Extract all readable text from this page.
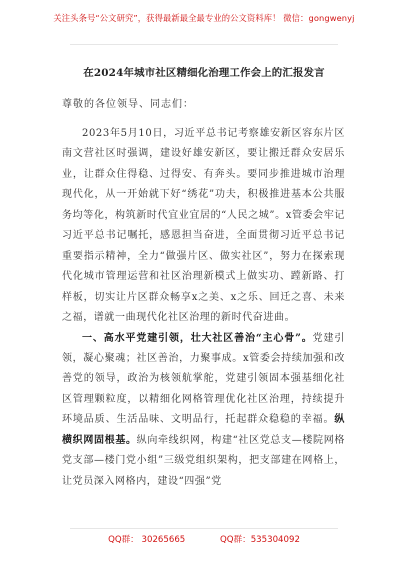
关注头条号“公文研究”，获得最新最全最专业的公文资料库！ 微信：gongwenyj
在2024年城市社区精细化治理工作会上的汇报发言
尊敬的各位领导、同志们：

2023年5月10日，习近平总书记考察雄安新区容东片区南文营社区时强调，建设好雄安新区，要让搬迁群众安居乐业，让群众住得稳、过得安、有奔头。要同步推进城市治理现代化，从一开始就下好“绣花”功夫，积极推进基本公共服务均等化，构筑新时代宜业宜居的“人民之城”。x管委会牢记习近平总书记嘱托，感恩担当奋进，全面贯彻习近平总书记重要指示精神，全力“做强片区、做实社区”，努力在探索现代化城市管理运营和社区治理新模式上做实功、蹚新路、打样板，切实让片区群众畅享x之美、x之乐、回迁之喜、未来之福，谱就一曲现代化社区治理的新时代奋进曲。

一、高水平党建引领，壮大社区善治“主心骨”。党建引领，凝心聚魂；社区善治，力聚事成。x管委会持续加强和改善党的领导，政治为核领航掌舵，党建引领固本强基细化社区管理颗粒度，以精细化网格管理优化社区治理，持续提升环境品质、生活品味、文明品行，托起群众稳稳的幸福。纵横织网固根基。纵向牵线织网，构建“社区党总支—楼院网格党支部—楼门党小组”三级党组织架构，把支部建在网格上，让党员深入网格内，建设“四强”党

QQ群： 30265665	QQ群：535304092
